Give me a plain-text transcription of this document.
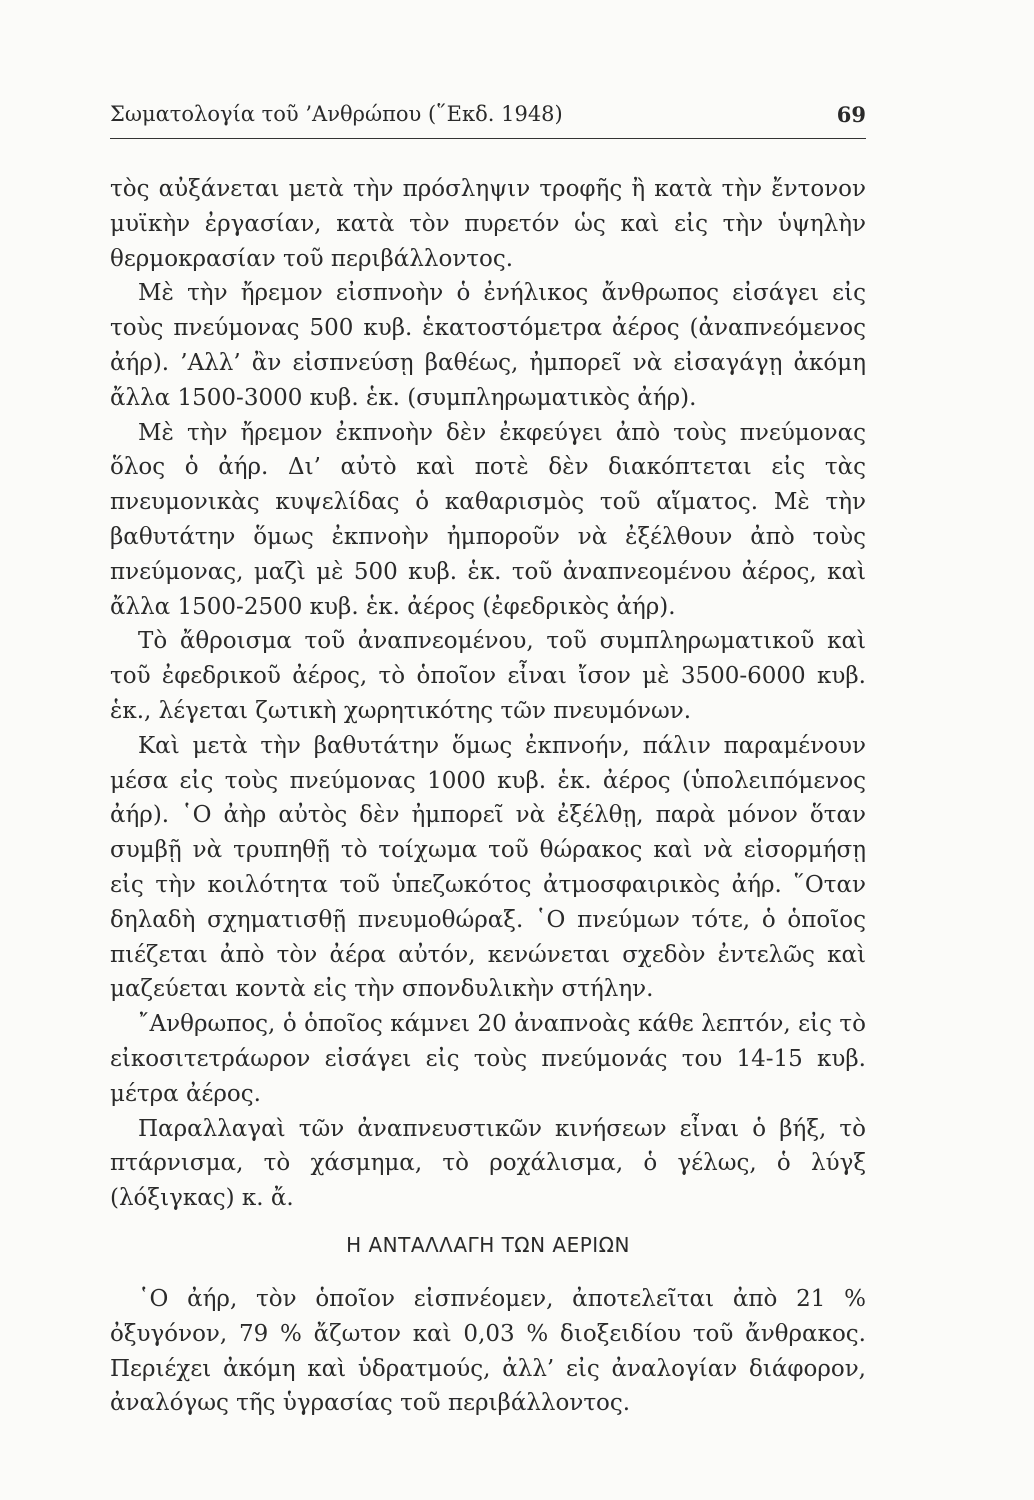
Σωματολογία τοῦ ’Ανθρώπου (῞Εκδ. 1948)	69

τὸς αὐξάνεται μετὰ τὴν πρόσληψιν τροφῆς ἢ κατὰ τὴν ἔντονον μυϊκὴν ἐργασίαν, κατὰ τὸν πυρετόν ὡς καὶ εἰς τὴν ὑψηλὴν θερμοκρασίαν τοῦ περιβάλλοντος.

Μὲ τὴν ἤρεμον εἰσπνοὴν ὁ ἐνήλικος ἄνθρωπος εἰσάγει εἰς τοὺς πνεύμονας 500 κυβ. ἑκατοστόμετρα ἀέρος (ἀναπνεόμενος ἀήρ). ’Αλλ’ ἂν εἰσπνεύσῃ βαθέως, ἠμπορεῖ νὰ εἰσαγάγῃ ἀκόμη ἄλλα 1500-3000 κυβ. ἑκ. (συμπληρωματικὸς ἀήρ).

Μὲ τὴν ἤρεμον ἐκπνοὴν δὲν ἐκφεύγει ἀπὸ τοὺς πνεύμονας ὅλος ὁ ἀήρ. Δι’ αὐτὸ καὶ ποτὲ δὲν διακόπτεται εἰς τὰς πνευμονικὰς κυψελίδας ὁ καθαρισμὸς τοῦ αἵματος. Μὲ τὴν βαθυτάτην ὅμως ἐκπνοὴν ἠμποροῦν νὰ ἐξέλθουν ἀπὸ τοὺς πνεύμονας, μαζὶ μὲ 500 κυβ. ἑκ. τοῦ ἀναπνεομένου ἀέρος, καὶ ἄλλα 1500-2500 κυβ. ἑκ. ἀέρος (ἐφεδρικὸς ἀήρ).

Τὸ ἄθροισμα τοῦ ἀναπνεομένου, τοῦ συμπληρωματικοῦ καὶ τοῦ ἐφεδρικοῦ ἀέρος, τὸ ὁποῖον εἶναι ἴσον μὲ 3500-6000 κυβ. ἑκ., λέγεται ζωτικὴ χωρητικότης τῶν πνευμόνων.

Καὶ μετὰ τὴν βαθυτάτην ὅμως ἐκπνοήν, πάλιν παραμένουν μέσα εἰς τοὺς πνεύμονας 1000 κυβ. ἑκ. ἀέρος (ὑπολειπόμενος ἀήρ). ῾Ο ἀὴρ αὐτὸς δὲν ἠμπορεῖ νὰ ἐξέλθῃ, παρὰ μόνον ὅταν συμβῇ νὰ τρυπηθῇ τὸ τοίχωμα τοῦ θώρακος καὶ νὰ εἰσορμήσῃ εἰς τὴν κοιλότητα τοῦ ὑπεζωκότος ἀτμοσφαιρικὸς ἀήρ. ῞Οταν δηλαδὴ σχηματισθῇ πνευμοθώραξ. ῾Ο πνεύμων τότε, ὁ ὁποῖος πιέζεται ἀπὸ τὸν ἀέρα αὐτόν, κενώνεται σχεδὸν ἐντελῶς καὶ μαζεύεται κοντὰ εἰς τὴν σπονδυλικὴν στήλην.

῎Ανθρωπος, ὁ ὁποῖος κάμνει 20 ἀναπνοὰς κάθε λεπτόν, εἰς τὸ εἰκοσιτετράωρον εἰσάγει εἰς τοὺς πνεύμονάς του 14-15 κυβ. μέτρα ἀέρος.

Παραλλαγαὶ τῶν ἀναπνευστικῶν κινήσεων εἶναι ὁ βήξ, τὸ πτάρνισμα, τὸ χάσμημα, τὸ ροχάλισμα, ὁ γέλως, ὁ λύγξ (λόξιγκας) κ. ἄ.

Η ΑΝΤΑΛΛΑΓΗ ΤΩΝ ΑΕΡΙΩΝ

῾Ο ἀήρ, τὸν ὁποῖον εἰσπνέομεν, ἀποτελεῖται ἀπὸ 21 % ὀξυγόνον, 79 % ἄζωτον καὶ 0,03 % διοξειδίου τοῦ ἄνθρακος. Περιέχει ἀκόμη καὶ ὑδρατμούς, ἀλλ’ εἰς ἀναλογίαν διάφορον, ἀναλόγως τῆς ὑγρασίας τοῦ περιβάλλοντος.
